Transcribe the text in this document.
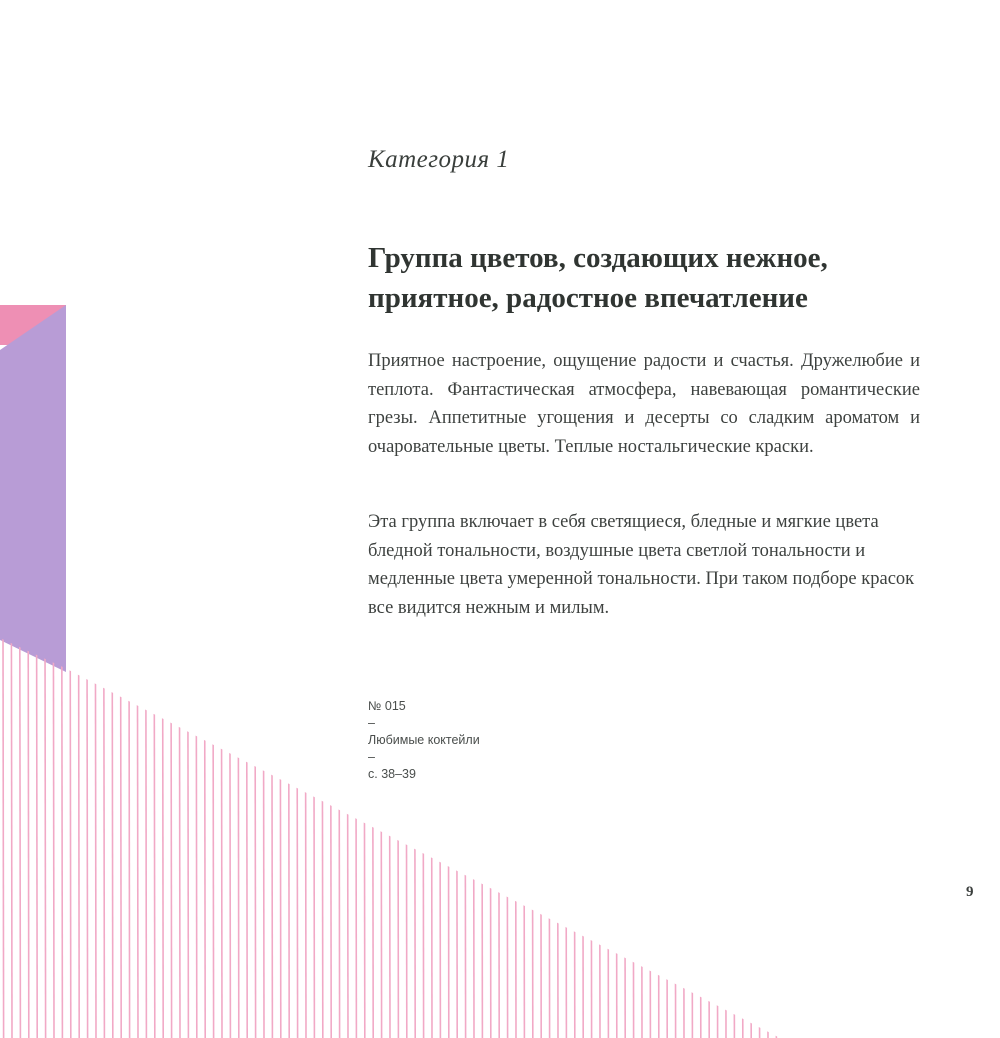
Категория 1
Группа цветов, создающих нежное,
приятное, радостное впечатление

Приятное настроение, ощущение радости и счастья. Дружелюбие и теплота. Фантастическая атмосфера, навевающая романтические грезы. Аппетитные угощения и десерты со сладким ароматом и очаровательные цветы. Теплые ностальгические краски.

Эта группа включает в себя светящиеся, бледные и мягкие цвета бледной тональности, воздушные цвета светлой тональности и медленные цвета умеренной тональности. При таком подборе красок все видится нежным и милым.

№ 015
–
Любимые коктейли
–
с. 38–39
9
